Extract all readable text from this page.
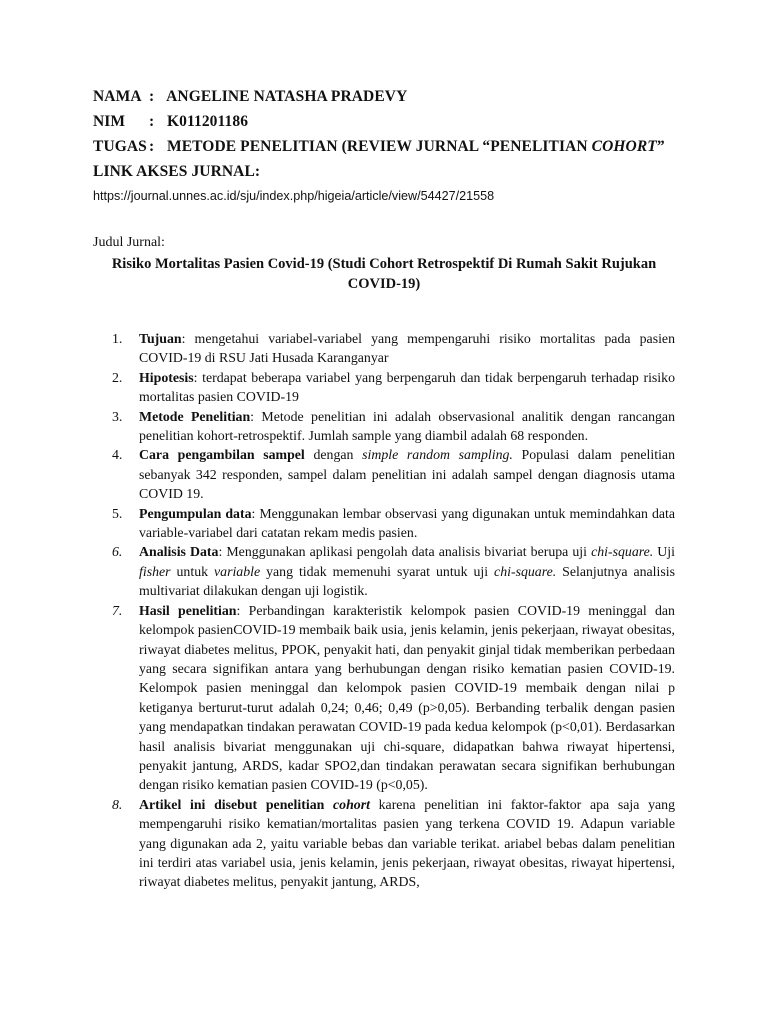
NAMA : ANGELINE NATASHA PRADEVY
NIM : K011201186
TUGAS : METODE PENELITIAN (REVIEW JURNAL “PENELITIAN COHORT”
LINK AKSES JURNAL:
https://journal.unnes.ac.id/sju/index.php/higeia/article/view/54427/21558
Judul Jurnal:
Risiko Mortalitas Pasien Covid-19 (Studi Cohort Retrospektif Di Rumah Sakit Rujukan COVID-19)
1. Tujuan: mengetahui variabel-variabel yang mempengaruhi risiko mortalitas pada pasien COVID-19 di RSU Jati Husada Karanganyar
2. Hipotesis: terdapat beberapa variabel yang berpengaruh dan tidak berpengaruh terhadap risiko mortalitas pasien COVID-19
3. Metode Penelitian: Metode penelitian ini adalah observasional analitik dengan rancangan penelitian kohort-retrospektif. Jumlah sample yang diambil adalah 68 responden.
4. Cara pengambilan sampel dengan simple random sampling. Populasi dalam penelitian sebanyak 342 responden, sampel dalam penelitian ini adalah sampel dengan diagnosis utama COVID 19.
5. Pengumpulan data: Menggunakan lembar observasi yang digunakan untuk memindahkan data variable-variabel dari catatan rekam medis pasien.
6. Analisis Data: Menggunakan aplikasi pengolah data analisis bivariat berupa uji chi-square. Uji fisher untuk variable yang tidak memenuhi syarat untuk uji chi-square. Selanjutnya analisis multivariat dilakukan dengan uji logistik.
7. Hasil penelitian: Perbandingan karakteristik kelompok pasien COVID-19 meninggal dan kelompok pasienCOVID-19 membaik baik usia, jenis kelamin, jenis pekerjaan, riwayat obesitas, riwayat diabetes melitus, PPOK, penyakit hati, dan penyakit ginjal tidak memberikan perbedaan yang secara signifikan antara yang berhubungan dengan risiko kematian pasien COVID-19. Kelompok pasien meninggal dan kelompok pasien COVID-19 membaik dengan nilai p ketiganya berturut-turut adalah 0,24; 0,46; 0,49 (p>0,05). Berbanding terbalik dengan pasien yang mendapatkan tindakan perawatan COVID-19 pada kedua kelompok (p<0,01). Berdasarkan hasil analisis bivariat menggunakan uji chi-square, didapatkan bahwa riwayat hipertensi, penyakit jantung, ARDS, kadar SPO2,dan tindakan perawatan secara signifikan berhubungan dengan risiko kematian pasien COVID-19 (p<0,05).
8. Artikel ini disebut penelitian cohort karena penelitian ini faktor-faktor apa saja yang mempengaruhi risiko kematian/mortalitas pasien yang terkena COVID 19. Adapun variable yang digunakan ada 2, yaitu variable bebas dan variable terikat. ariabel bebas dalam penelitian ini terdiri atas variabel usia, jenis kelamin, jenis pekerjaan, riwayat obesitas, riwayat hipertensi, riwayat diabetes melitus, penyakit jantung, ARDS,
